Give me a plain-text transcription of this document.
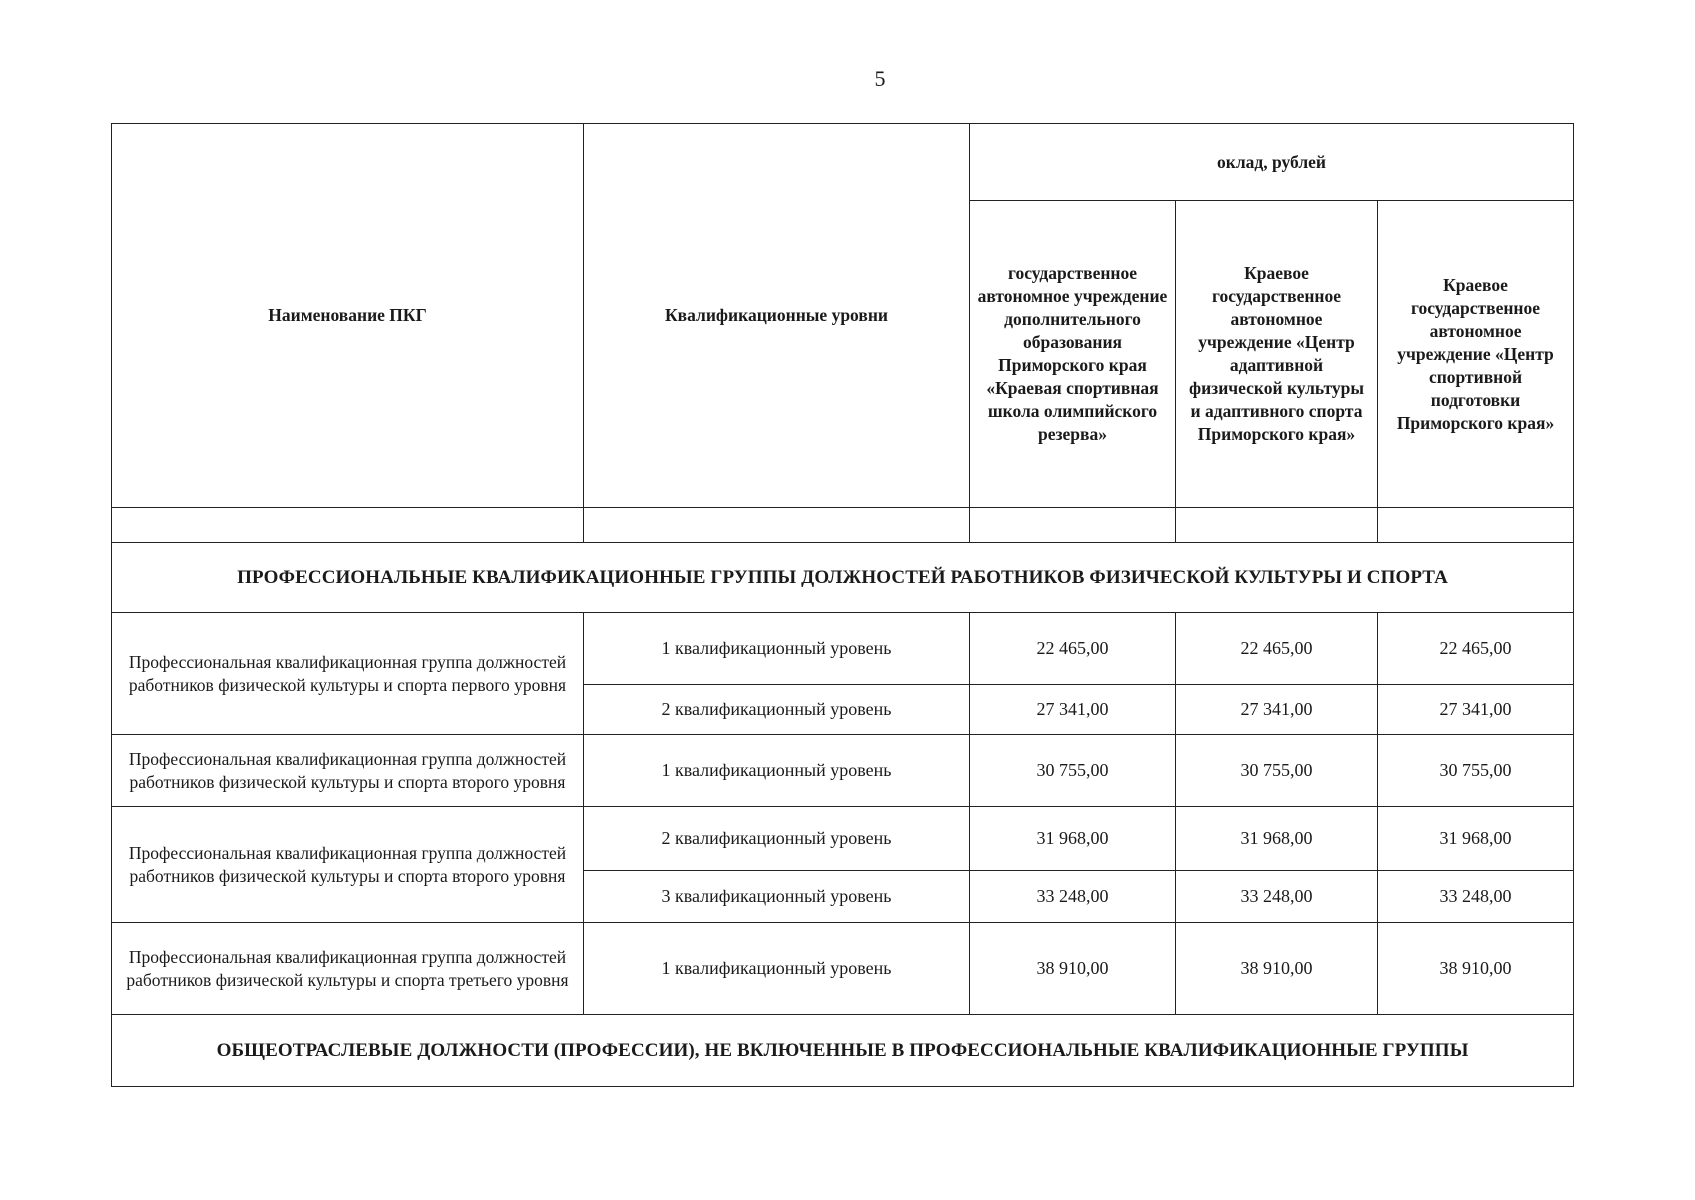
5
Наименование ПКГ	Квалификационные уровни	оклад, рублей		
		государственное автономное учреждение дополнительного образования Приморского края «Краевая спортивная школа олимпийского резерва»	Краевое государственное автономное учреждение «Центр адаптивной физической культуры и адаптивного спорта Приморского края»	Краевое государственное автономное учреждение «Центр спортивной подготовки Приморского края»

ПРОФЕССИОНАЛЬНЫЕ КВАЛИФИКАЦИОННЫЕ ГРУППЫ ДОЛЖНОСТЕЙ РАБОТНИКОВ ФИЗИЧЕСКОЙ КУЛЬТУРЫ И СПОРТА				
Профессиональная квалификационная группа должностей работников физической культуры и спорта первого уровня	1 квалификационный уровень	22 465,00	22 465,00	22 465,00
	2 квалификационный уровень	27 341,00	27 341,00	27 341,00
Профессиональная квалификационная группа должностей работников физической культуры и спорта второго уровня	1 квалификационный уровень	30 755,00	30 755,00	30 755,00
Профессиональная квалификационная группа должностей работников физической культуры и спорта второго уровня	2 квалификационный уровень	31 968,00	31 968,00	31 968,00
	3 квалификационный уровень	33 248,00	33 248,00	33 248,00
Профессиональная квалификационная группа должностей работников физической культуры и спорта третьего уровня	1 квалификационный уровень	38 910,00	38 910,00	38 910,00
ОБЩЕОТРАСЛЕВЫЕ ДОЛЖНОСТИ (ПРОФЕССИИ), НЕ ВКЛЮЧЕННЫЕ В ПРОФЕССИОНАЛЬНЫЕ КВАЛИФИКАЦИОННЫЕ ГРУППЫ				
